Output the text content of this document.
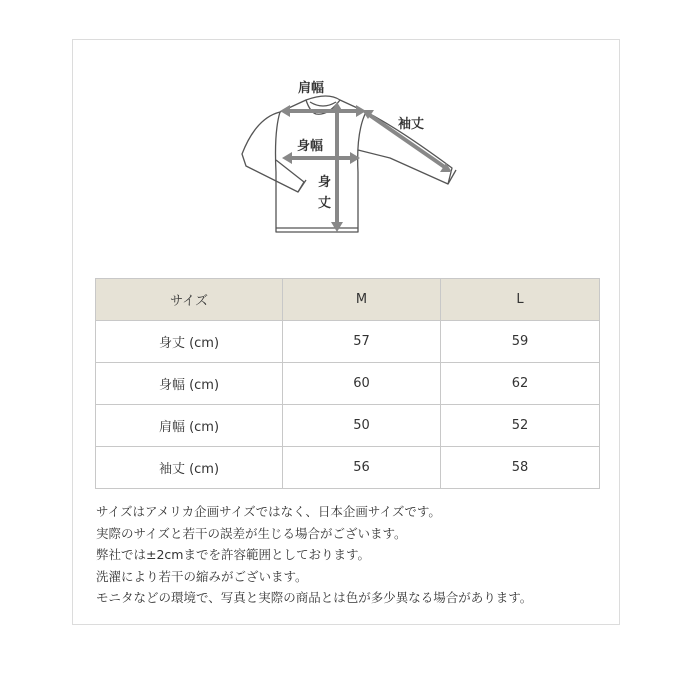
肩幅
袖丈
身幅
身
丈
サイズ	M	L
身丈 (cm)	57	59
身幅 (cm)	60	62
肩幅 (cm)	50	52
袖丈 (cm)	56	58

サイズはアメリカ企画サイズではなく、日本企画サイズです。

実際のサイズと若干の誤差が生じる場合がございます。

弊社では±2cmまでを許容範囲としております。

洗濯により若干の縮みがございます。

モニタなどの環境で、写真と実際の商品とは色が多少異なる場合があります。
